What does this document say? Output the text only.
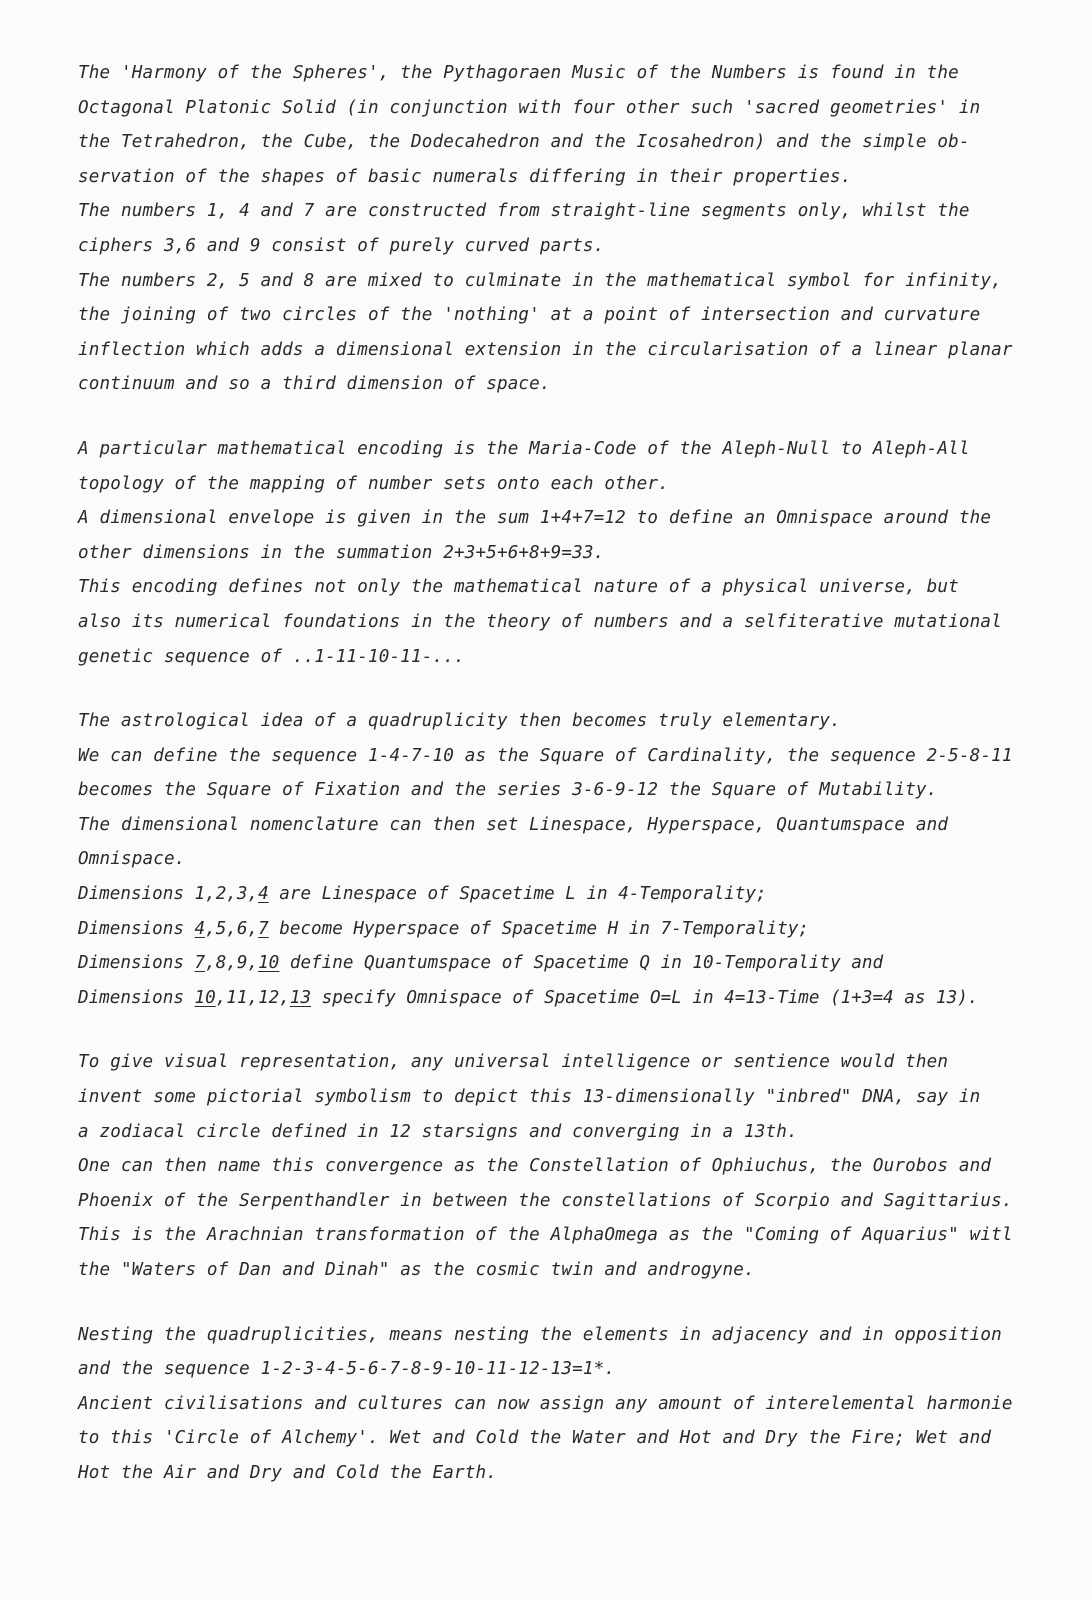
The 'Harmony of the Spheres', the Pythagoraen Music of the Numbers is found in the
Octagonal Platonic Solid (in conjunction with four other such 'sacred geometries' in
the Tetrahedron, the Cube, the Dodecahedron and the Icosahedron) and the simple ob-
servation of the shapes of basic numerals differing in their properties.
The numbers 1, 4 and 7 are constructed from straight-line segments only, whilst the
ciphers 3,6 and 9 consist of purely curved parts.
The numbers 2, 5 and 8 are mixed to culminate in the mathematical symbol for infinity,
the joining of two circles of the 'nothing' at a point of intersection and curvature
inflection which adds a dimensional extension in the circularisation of a linear planar
continuum and so a third dimension of space.
A particular mathematical encoding is the Maria-Code of the Aleph-Null to Aleph-All
topology of the mapping of number sets onto each other.
A dimensional envelope is given in the sum 1+4+7=12 to define an Omnispace around the
other dimensions in the summation 2+3+5+6+8+9=33.
This encoding defines not only the mathematical nature of a physical universe, but
also its numerical foundations in the theory of numbers and a selfiterative mutational
genetic sequence of ..1-11-10-11-...
The astrological idea of a quadruplicity then becomes truly elementary.
We can define the sequence 1-4-7-10 as the Square of Cardinality, the sequence 2-5-8-11
becomes the Square of Fixation and the series 3-6-9-12 the Square of Mutability.
The dimensional nomenclature can then set Linespace, Hyperspace, Quantumspace and
Omnispace.
Dimensions 1,2,3,4 are Linespace of Spacetime L in 4-Temporality;
Dimensions 4,5,6,7 become Hyperspace of Spacetime H in 7-Temporality;
Dimensions 7,8,9,10 define Quantumspace of Spacetime Q in 10-Temporality and
Dimensions 10,11,12,13 specify Omnispace of Spacetime O=L in 4=13-Time (1+3=4 as 13).
To give visual representation, any universal intelligence or sentience would then
invent some pictorial symbolism to depict this 13-dimensionally "inbred" DNA, say in
a zodiacal circle defined in 12 starsigns and converging in a 13th.
One can then name this convergence as the Constellation of Ophiuchus, the Ourobos and
Phoenix of the Serpenthandler in between the constellations of Scorpio and Sagittarius.
This is the Arachnian transformation of the AlphaOmega as the "Coming of Aquarius" witl
the "Waters of Dan and Dinah" as the cosmic twin and androgyne.
Nesting the quadruplicities, means nesting the elements in adjacency and in opposition
and the sequence 1-2-3-4-5-6-7-8-9-10-11-12-13=1*.
Ancient civilisations and cultures can now assign any amount of interelemental harmonie
to this 'Circle of Alchemy'. Wet and Cold the Water and Hot and Dry the Fire; Wet and
Hot the Air and Dry and Cold the Earth.
